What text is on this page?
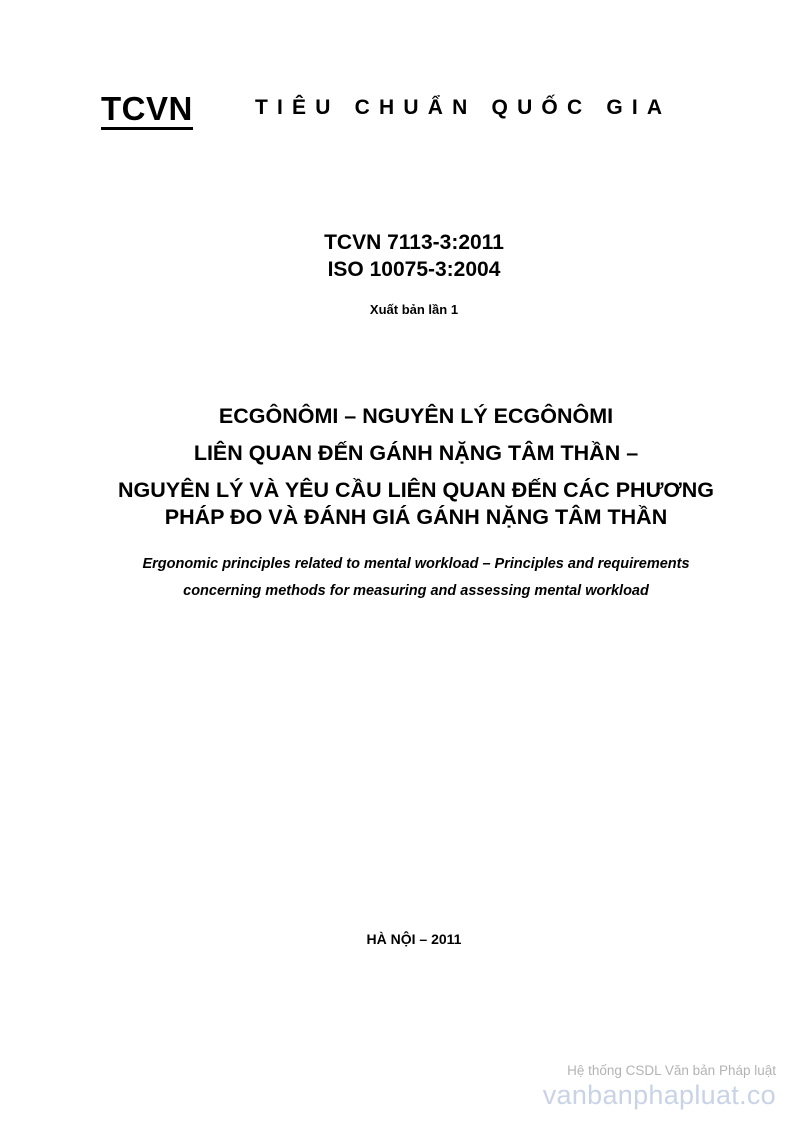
TCVN	TIÊU CHUẨN QUỐC GIA
TCVN 7113-3:2011
ISO 10075-3:2004
Xuất bản lần 1
ECGÔNÔMI – NGUYÊN LÝ ECGÔNÔMI
LIÊN QUAN ĐẾN GÁNH NẶNG TÂM THẦN –
NGUYÊN LÝ VÀ YÊU CẦU LIÊN QUAN ĐẾN CÁC PHƯƠNG
PHÁP ĐO VÀ ĐÁNH GIÁ GÁNH NẶNG TÂM THẦN
Ergonomic principles related to mental workload – Principles and requirements
concerning methods for measuring and assessing mental workload
HÀ NỘI – 2011
Hệ thống CSDL Văn bản Pháp luật
vanbanphapluat.co
